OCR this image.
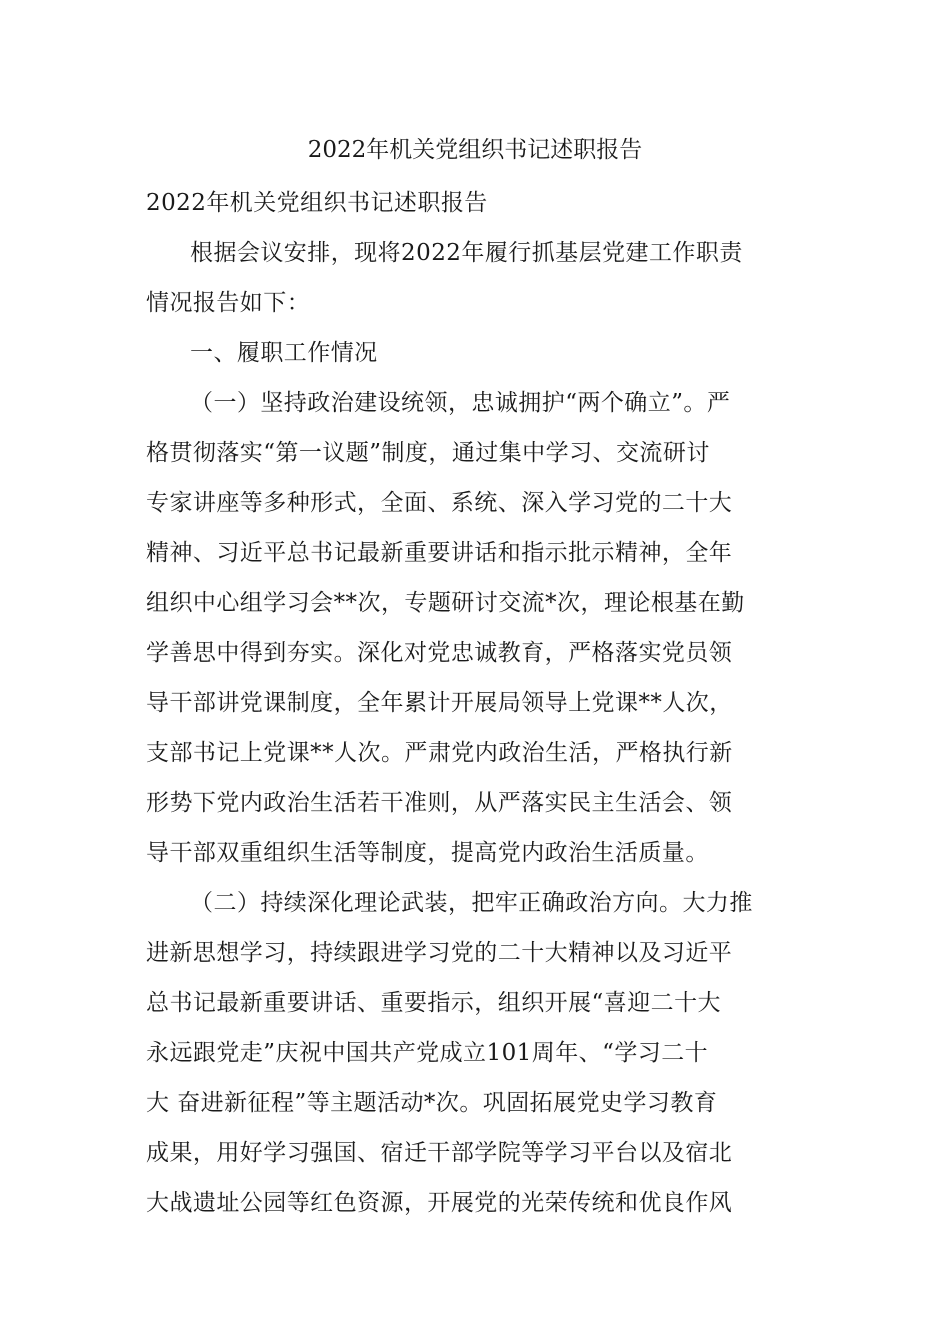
2022年机关党组织书记述职报告

2022年机关党组织书记述职报告

根据会议安排，现将2022年履行抓基层党建工作职责

情况报告如下：

一、履职工作情况

（一）坚持政治建设统领，忠诚拥护“两个确立”。严

格贯彻落实“第一议题”制度，通过集中学习、交流研讨

专家讲座等多种形式，全面、系统、深入学习党的二十大

精神、习近平总书记最新重要讲话和指示批示精神，全年

组织中心组学习会**次，专题研讨交流*次，理论根基在勤

学善思中得到夯实。深化对党忠诚教育，严格落实党员领

导干部讲党课制度，全年累计开展局领导上党课**人次，

支部书记上党课**人次。严肃党内政治生活，严格执行新

形势下党内政治生活若干准则，从严落实民主生活会、领

导干部双重组织生活等制度，提高党内政治生活质量。

（二）持续深化理论武装，把牢正确政治方向。大力推

进新思想学习，持续跟进学习党的二十大精神以及习近平

总书记最新重要讲话、重要指示，组织开展“喜迎二十大

永远跟党走”庆祝中国共产党成立101周年、“学习二十

大 奋进新征程”等主题活动*次。巩固拓展党史学习教育

成果，用好学习强国、宿迁干部学院等学习平台以及宿北

大战遗址公园等红色资源，开展党的光荣传统和优良作风
